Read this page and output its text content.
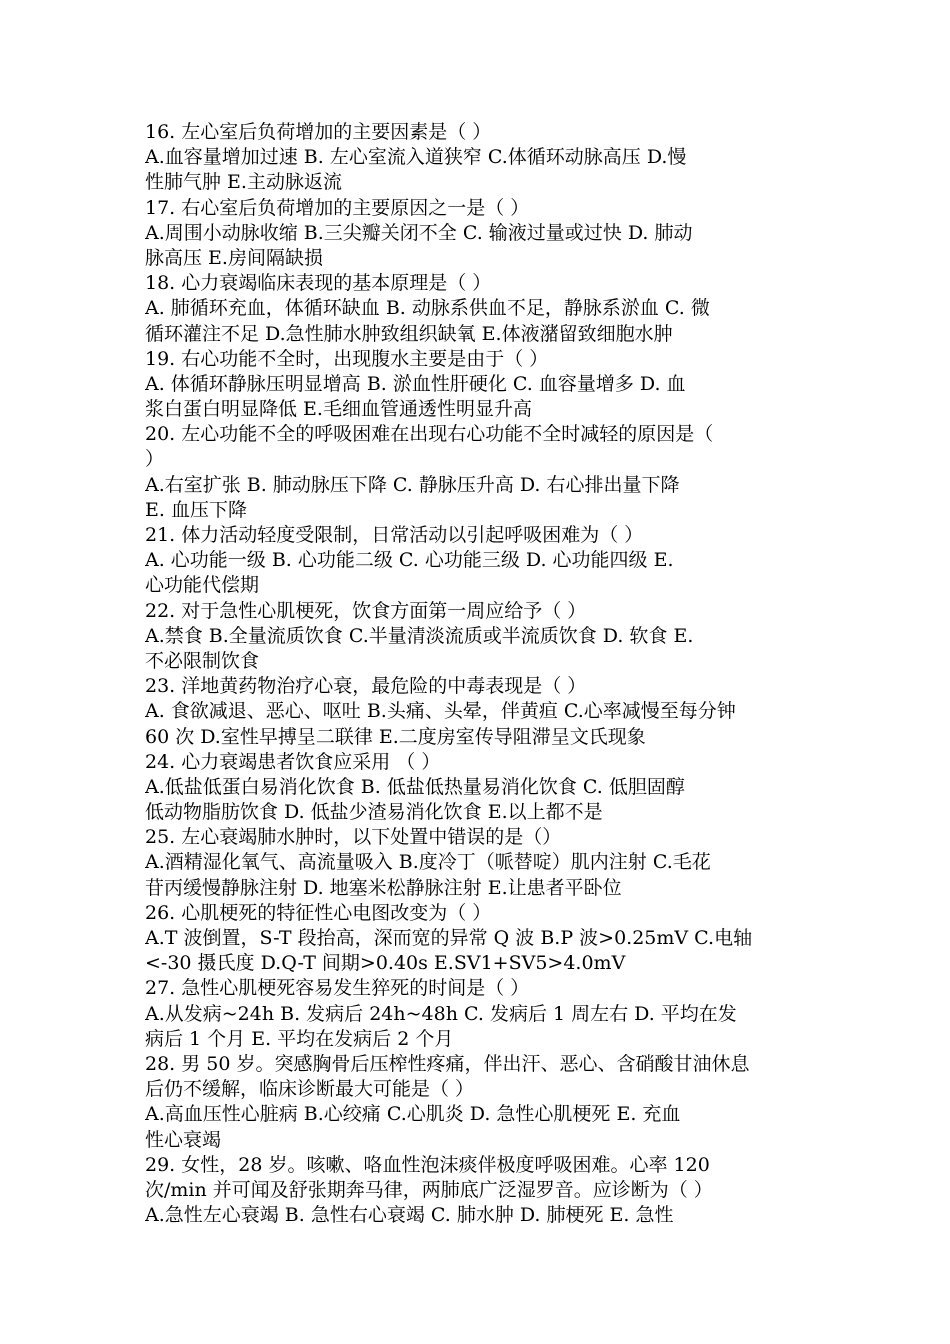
16. 左心室后负荷增加的主要因素是（ ）
A.血容量增加过速 B. 左心室流入道狭窄 C.体循环动脉高压 D.慢
性肺气肿 E.主动脉返流
17. 右心室后负荷增加的主要原因之一是（ ）
A.周围小动脉收缩 B.三尖瓣关闭不全 C. 输液过量或过快 D. 肺动
脉高压 E.房间隔缺损
18. 心力衰竭临床表现的基本原理是（ ）
A. 肺循环充血，体循环缺血 B. 动脉系供血不足，静脉系淤血 C. 微
循环灌注不足 D.急性肺水肿致组织缺氧 E.体液潴留致细胞水肿
19. 右心功能不全时，出现腹水主要是由于（ ）
A. 体循环静脉压明显增高 B. 淤血性肝硬化 C. 血容量增多 D. 血
浆白蛋白明显降低 E.毛细血管通透性明显升高
20. 左心功能不全的呼吸困难在出现右心功能不全时减轻的原因是（
）
A.右室扩张 B. 肺动脉压下降 C. 静脉压升高 D. 右心排出量下降
E. 血压下降
21. 体力活动轻度受限制，日常活动以引起呼吸困难为（ ）
A. 心功能一级 B. 心功能二级 C. 心功能三级 D. 心功能四级 E.
心功能代偿期
22. 对于急性心肌梗死，饮食方面第一周应给予（ ）
A.禁食 B.全量流质饮食 C.半量清淡流质或半流质饮食 D. 软食 E.
不必限制饮食
23. 洋地黄药物治疗心衰，最危险的中毒表现是（ ）
A. 食欲减退、恶心、呕吐 B.头痛、头晕，伴黄疸 C.心率减慢至每分钟
60 次 D.室性早搏呈二联律 E.二度房室传导阻滞呈文氏现象
24. 心力衰竭患者饮食应采用 （ ）
A.低盐低蛋白易消化饮食 B. 低盐低热量易消化饮食 C. 低胆固醇
低动物脂肪饮食 D. 低盐少渣易消化饮食 E.以上都不是
25. 左心衰竭肺水肿时，以下处置中错误的是（）
A.酒精湿化氧气、高流量吸入 B.度冷丁（哌替啶）肌内注射 C.毛花
苷丙缓慢静脉注射 D. 地塞米松静脉注射 E.让患者平卧位
26. 心肌梗死的特征性心电图改变为（ ）
A.T 波倒置，S-T 段抬高，深而宽的异常 Q 波 B.P 波>0.25mV C.电轴
<-30 摄氏度 D.Q-T 间期>0.40s E.SV1+SV5>4.0mV
27. 急性心肌梗死容易发生猝死的时间是（ ）
A.从发病~24h B. 发病后 24h~48h C. 发病后 1 周左右 D. 平均在发
病后 1 个月 E. 平均在发病后 2 个月
28. 男 50 岁。突感胸骨后压榨性疼痛，伴出汗、恶心、含硝酸甘油休息
后仍不缓解，临床诊断最大可能是（ ）
A.高血压性心脏病 B.心绞痛 C.心肌炎 D. 急性心肌梗死 E. 充血
性心衰竭
29. 女性，28 岁。咳嗽、咯血性泡沫痰伴极度呼吸困难。心率 120
次/min 并可闻及舒张期奔马律，两肺底广泛湿罗音。应诊断为（ ）
A.急性左心衰竭 B. 急性右心衰竭 C. 肺水肿 D. 肺梗死 E. 急性
